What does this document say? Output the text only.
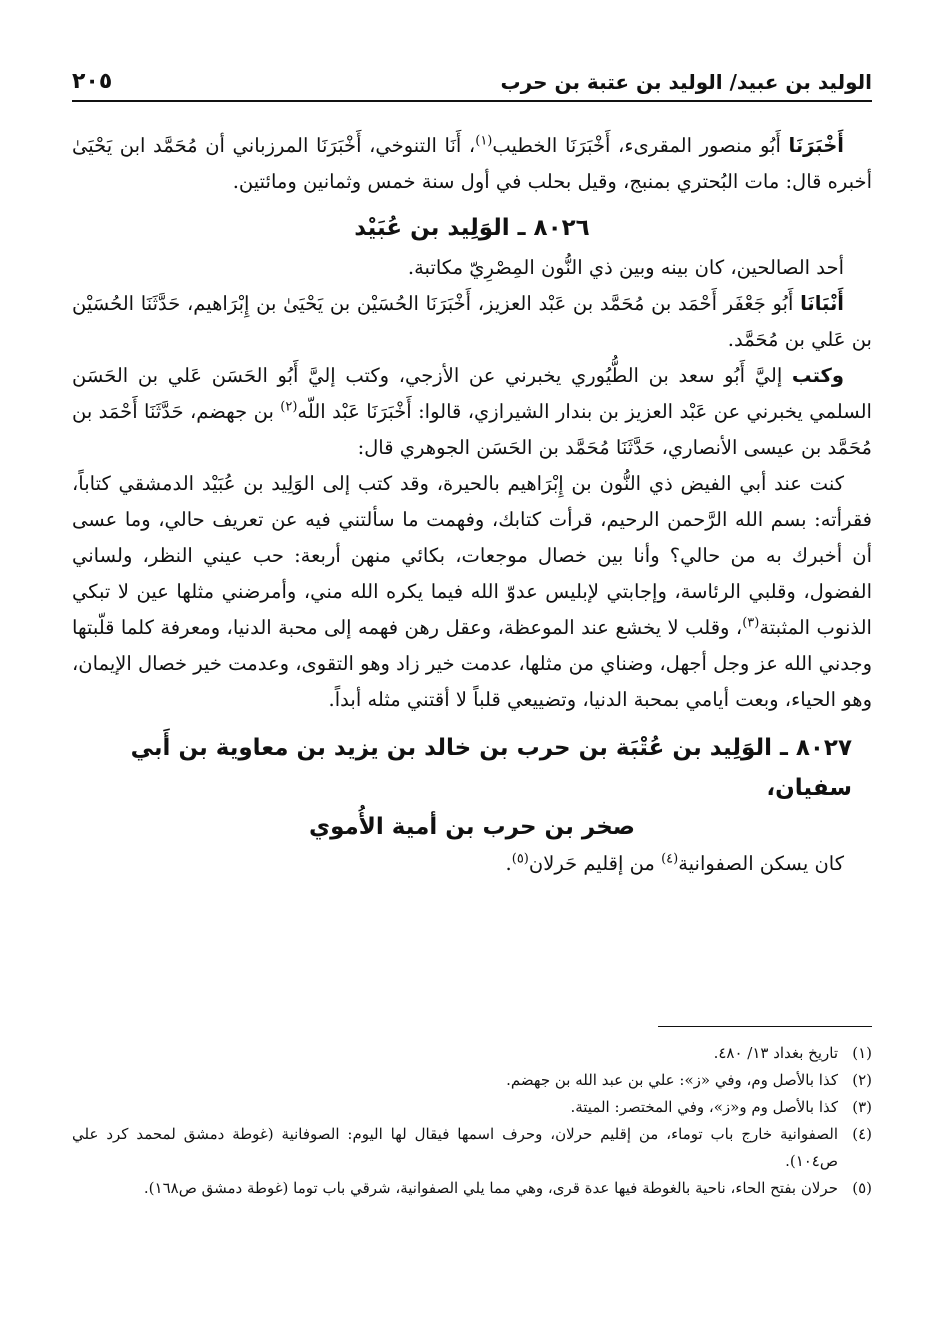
٢٠٥	الوليد بن عبيد/ الوليد بن عتبة بن حرب

أَخْبَرَنَا أَبُو منصور المقرىء، أَخْبَرَنَا الخطيب$^{(١)}$، أَنَا التنوخي، أَخْبَرَنَا المرزباني أن مُحَمَّد ابن يَحْيَىٰ أخبره قال: مات البُحتري بمنبج، وقيل بحلب في أول سنة خمس وثمانين ومائتين.

٨٠٢٦ ـ الوَلِيد بن عُبَيْد

أحد الصالحين، كان بينه وبين ذي النُّون المِصْرِيّ مكاتبة.

أَنْبَانَا أَبُو جَعْفَر أَحْمَد بن مُحَمَّد بن عَبْد العزيز، أَخْبَرَنَا الحُسَيْن بن يَحْيَىٰ بن إِبْرَاهيم، حَدَّثَنَا الحُسَيْن بن عَلي بن مُحَمَّد.

وكتب إليَّ أَبُو سعد بن الطُّيُوري يخبرني عن الأزجي، وكتب إليَّ أَبُو الحَسَن عَلي بن الحَسَن السلمي يخبرني عن عَبْد العزيز بن بندار الشيرازي، قالوا: أَخْبَرَنَا عَبْد اللّه$^{(٢)}$ بن جهضم، حَدَّثَنَا أَحْمَد بن مُحَمَّد بن عيسى الأنصاري، حَدَّثَنَا مُحَمَّد بن الحَسَن الجوهري قال:

كنت عند أبي الفيض ذي النُّون بن إِبْرَاهيم بالحيرة، وقد كتب إلى الوَلِيد بن عُبَيْد الدمشقي كتاباً، فقرأته: بسم الله الرَّحمن الرحيم، قرأت كتابك، وفهمت ما سألتني فيه عن تعريف حالي، وما عسى أن أخبرك به من حالي؟ وأنا بين خصال موجعات، بكائي منهن أربعة: حب عيني النظر، ولساني الفضول، وقلبي الرئاسة، وإجابتي لإبليس عدوّ الله فيما يكره الله مني، وأمرضني مثلها عين لا تبكي الذنوب المثبتة$^{(٣)}$، وقلب لا يخشع عند الموعظة، وعقل رهن فهمه إلى محبة الدنيا، ومعرفة كلما قلّبتها وجدني الله عز وجل أجهل، وضناي من مثلها، عدمت خير زاد وهو التقوى، وعدمت خير خصال الإيمان، وهو الحياء، وبعت أيامي بمحبة الدنيا، وتضييعي قلباً لا أقتني مثله أبداً.

٨٠٢٧ ـ الوَلِيد بن عُتْبَة بن حرب بن خالد بن يزيد بن معاوية بن أَبي سفيان،
صخر بن حرب بن أمية الأُموي

كان يسكن الصفوانية$^{(٤)}$ من إقليم حَرلان$^{(٥)}$.

(١)
تاريخ بغداد ١٣/ ٤٨٠.
(٢)
كذا بالأصل وم، وفي «ز»: علي بن عبد الله بن جهضم.
(٣)
كذا بالأصل وم و«ز»، وفي المختصر: الميتة.
(٤)
الصفوانية خارج باب توماء، من إقليم حرلان، وحرف اسمها فيقال لها اليوم: الصوفانية (غوطة دمشق لمحمد كرد علي ص١٠٤).
(٥)
حرلان بفتح الحاء، ناحية بالغوطة فيها عدة قرى، وهي مما يلي الصفوانية، شرقي باب توما (غوطة دمشق ص١٦٨).
